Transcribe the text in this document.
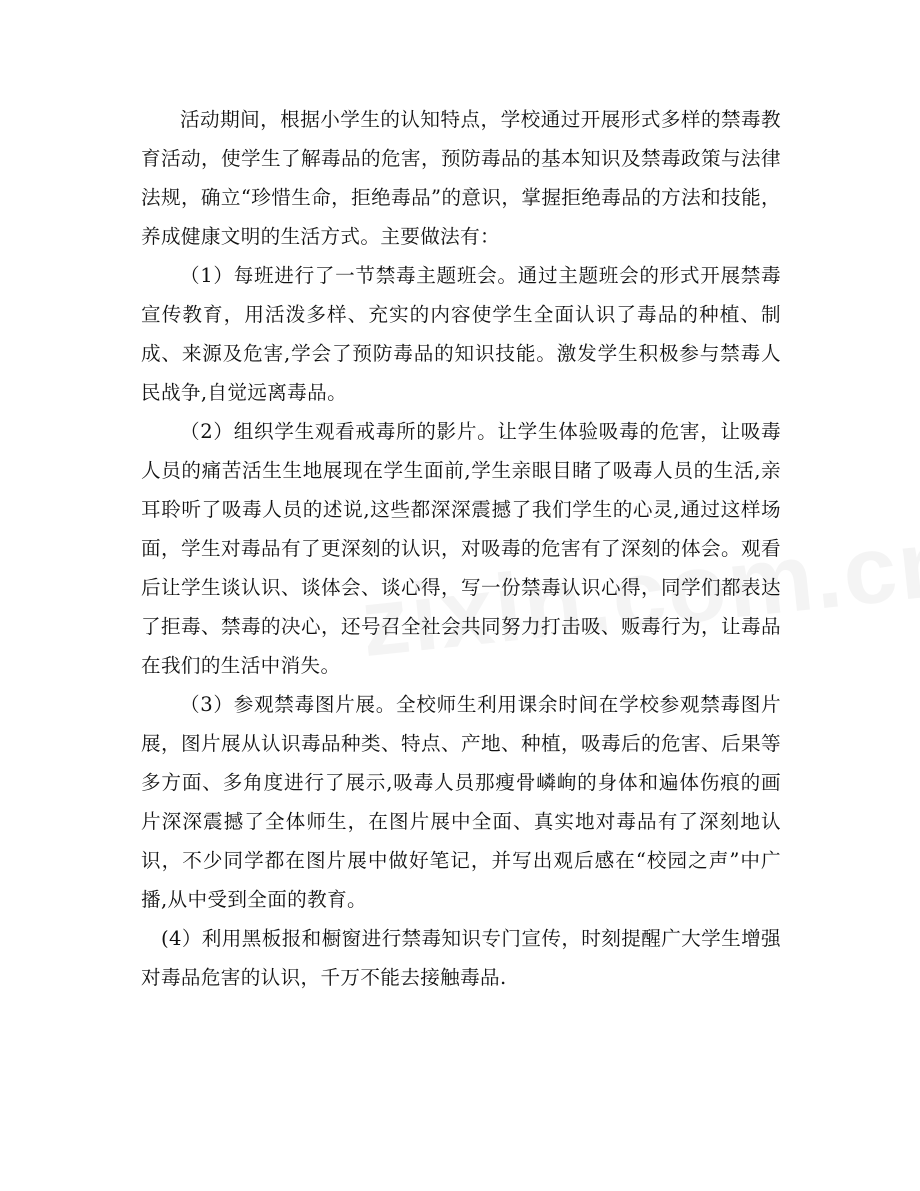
活动期间，根据小学生的认知特点，学校通过开展形式多样的禁毒教育活动，使学生了解毒品的危害，预防毒品的基本知识及禁毒政策与法律法规，确立“珍惜生命，拒绝毒品”的意识，掌握拒绝毒品的方法和技能，养成健康文明的生活方式。主要做法有：

（1）每班进行了一节禁毒主题班会。通过主题班会的形式开展禁毒宣传教育，用活泼多样、充实的内容使学生全面认识了毒品的种植、制成、来源及危害,学会了预防毒品的知识技能。激发学生积极参与禁毒人民战争,自觉远离毒品。

（2）组织学生观看戒毒所的影片。让学生体验吸毒的危害，让吸毒人员的痛苦活生生地展现在学生面前,学生亲眼目睹了吸毒人员的生活,亲耳聆听了吸毒人员的述说,这些都深深震撼了我们学生的心灵,通过这样场面，学生对毒品有了更深刻的认识，对吸毒的危害有了深刻的体会。观看后让学生谈认识、谈体会、谈心得，写一份禁毒认识心得，同学们都表达了拒毒、禁毒的决心，还号召全社会共同努力打击吸、贩毒行为，让毒品在我们的生活中消失。

（3）参观禁毒图片展。全校师生利用课余时间在学校参观禁毒图片展，图片展从认识毒品种类、特点、产地、种植，吸毒后的危害、后果等多方面、多角度进行了展示,吸毒人员那瘦骨嶙峋的身体和遍体伤痕的画片深深震撼了全体师生，在图片展中全面、真实地对毒品有了深刻地认识，不少同学都在图片展中做好笔记，并写出观后感在“校园之声”中广播,从中受到全面的教育。

(4）利用黑板报和橱窗进行禁毒知识专门宣传，时刻提醒广大学生增强对毒品危害的认识，千万不能去接触毒品.
